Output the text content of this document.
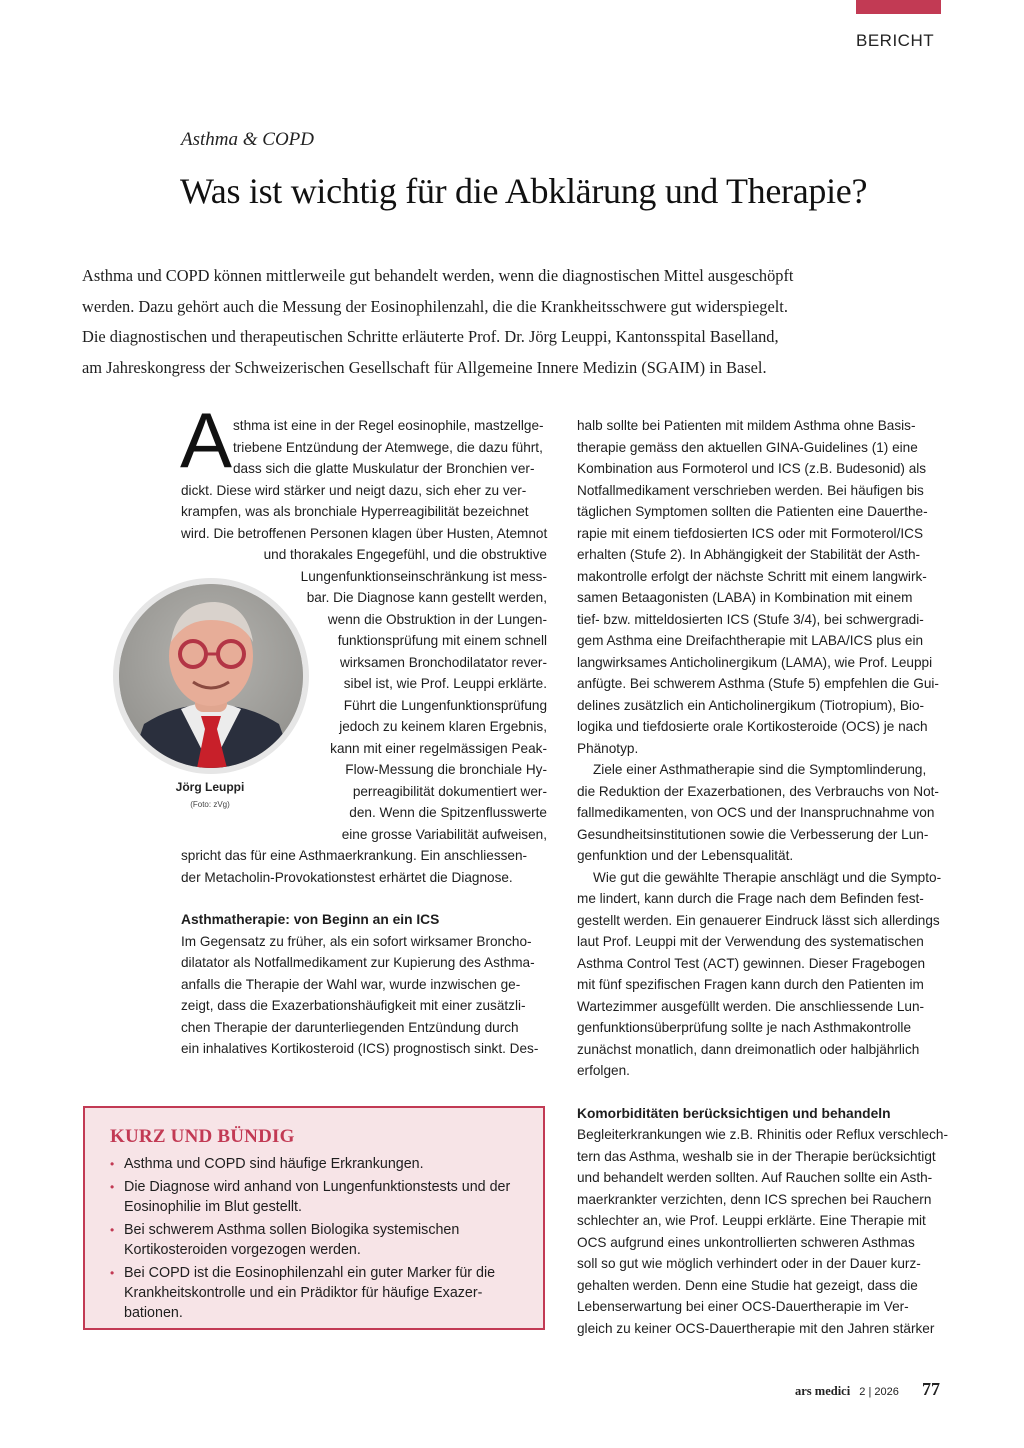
BERICHT
Asthma & COPD
Was ist wichtig für die Abklärung und Therapie?

Asthma und COPD können mittlerweile gut behandelt werden, wenn die diagnostischen Mittel ausgeschöpft

werden. Dazu gehört auch die Messung der Eosinophilenzahl, die die Krankheitsschwere gut widerspiegelt.

Die diagnostischen und therapeutischen Schritte erläuterte Prof. Dr. Jörg Leuppi, Kantonsspital Baselland,

am Jahreskongress der Schweizerischen Gesellschaft für Allgemeine Innere Medizin (SGAIM) in Basel.

A sthma ist eine in der Regel eosinophile, mastzellge-
triebene Entzündung der Atemwege, die dazu führt,
dass sich die glatte Muskulatur der Bronchien ver-
dickt. Diese wird stärker und neigt dazu, sich eher zu ver-
krampfen, was als bronchiale Hyperreagibilität bezeichnet
wird. Die betroffenen Personen klagen über Husten, Atemnot
und thorakales Engegefühl, und die obstruktive
Lungenfunktionseinschränkung ist mess-
bar. Die Diagnose kann gestellt werden,
wenn die Obstruktion in der Lungen-
funktionsprüfung mit einem schnell
wirksamen Bronchodilatator rever-
sibel ist, wie Prof. Leuppi erklärte.
Führt die Lungenfunktionsprüfung
jedoch zu keinem klaren Ergebnis,
kann mit einer regelmässigen Peak-
Flow-Messung die bronchiale Hy-
perreagibilität dokumentiert wer-
den. Wenn die Spitzenflusswerte
eine grosse Variabilität aufweisen,
spricht das für eine Asthmaerkrankung. Ein anschliessen-
der Metacholin-Provokationstest erhärtet die Diagnose.
Asthmatherapie: von Beginn an ein ICS
Im Gegensatz zu früher, als ein sofort wirksamer Broncho-
dilatator als Notfallmedikament zur Kupierung des Asthma-
anfalls die Therapie der Wahl war, wurde inzwischen ge-
zeigt, dass die Exazerbationshäufigkeit mit einer zusätzli-
chen Therapie der darunterliegenden Entzündung durch
ein inhalatives Kortikosteroid (ICS) prognostisch sinkt. Des-
Jörg Leuppi
(Foto: zVg)
halb sollte bei Patienten mit mildem Asthma ohne Basis-
therapie gemäss den aktuellen GINA-Guidelines (1) eine
Kombination aus Formoterol und ICS (z.B. Budesonid) als
Notfallmedikament verschrieben werden. Bei häufigen bis
täglichen Symptomen sollten die Patienten eine Dauerthe-
rapie mit einem tiefdosierten ICS oder mit Formoterol/ICS
erhalten (Stufe 2). In Abhängigkeit der Stabilität der Asth-
makontrolle erfolgt der nächste Schritt mit einem langwirk-
samen Betaagonisten (LABA) in Kombination mit einem
tief- bzw. mitteldosierten ICS (Stufe 3/4), bei schwergradi-
gem Asthma eine Dreifachtherapie mit LABA/ICS plus ein
langwirksames Anticholinergikum (LAMA), wie Prof. Leuppi
anfügte. Bei schwerem Asthma (Stufe 5) empfehlen die Gui-
delines zusätzlich ein Anticholinergikum (Tiotropium), Bio-
logika und tiefdosierte orale Kortikosteroide (OCS) je nach
Phänotyp.
Ziele einer Asthmatherapie sind die Symptomlinderung,
die Reduktion der Exazerbationen, des Verbrauchs von Not-
fallmedikamenten, von OCS und der Inanspruchnahme von
Gesundheitsinstitutionen sowie die Verbesserung der Lun-
genfunktion und der Lebensqualität.
Wie gut die gewählte Therapie anschlägt und die Sympto-
me lindert, kann durch die Frage nach dem Befinden fest-
gestellt werden. Ein genauerer Eindruck lässt sich allerdings
laut Prof. Leuppi mit der Verwendung des systematischen
Asthma Control Test (ACT) gewinnen. Dieser Fragebogen
mit fünf spezifischen Fragen kann durch den Patienten im
Wartezimmer ausgefüllt werden. Die anschliessende Lun-
genfunktionsüberprüfung sollte je nach Asthmakontrolle
zunächst monatlich, dann dreimonatlich oder halbjährlich
erfolgen.
Komorbiditäten berücksichtigen und behandeln
Begleiterkrankungen wie z.B. Rhinitis oder Reflux verschlech-
tern das Asthma, weshalb sie in der Therapie berücksichtigt
und behandelt werden sollten. Auf Rauchen sollte ein Asth-
maerkrankter verzichten, denn ICS sprechen bei Rauchern
schlechter an, wie Prof. Leuppi erklärte. Eine Therapie mit
OCS aufgrund eines unkontrollierten schweren Asthmas
soll so gut wie möglich verhindert oder in der Dauer kurz-
gehalten werden. Denn eine Studie hat gezeigt, dass die
Lebenserwartung bei einer OCS-Dauertherapie im Ver-
gleich zu keiner OCS-Dauertherapie mit den Jahren stärker
KURZ UND BÜNDIG
• Asthma und COPD sind häufige Erkrankungen.
• Die Diagnose wird anhand von Lungenfunktionstests und der Eosinophilie im Blut gestellt.
• Bei schwerem Asthma sollen Biologika systemischen Kortikosteroiden vorgezogen werden.
• Bei COPD ist die Eosinophilenzahl ein guter Marker für die Krankheitskontrolle und ein Prädiktor für häufige Exazer-bationen.
ars medici 2 | 2026 77
